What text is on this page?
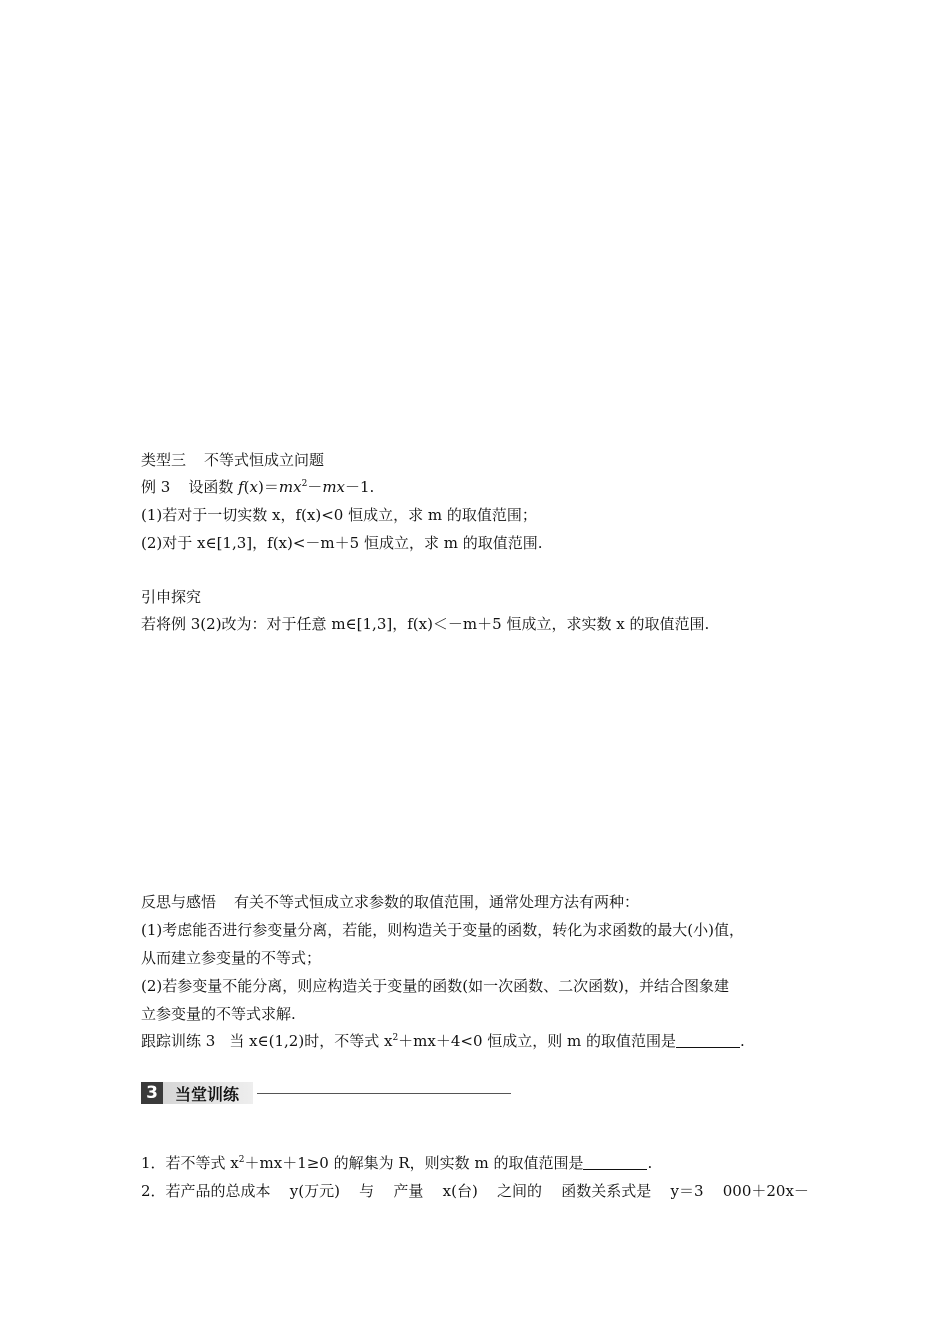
类型三 不等式恒成立问题
例 3 设函数 $f(x)=mx^2-mx-1$.
(1)若对于一切实数 x，f(x)<0 恒成立，求 m 的取值范围；
(2)对于 x∈[1,3]，f(x)<－m＋5 恒成立，求 m 的取值范围.
引申探究
若将例 3(2)改为：对于任意 m∈[1,3]，f(x)＜－m＋5 恒成立，求实数 x 的取值范围.
反思与感悟 有关不等式恒成立求参数的取值范围，通常处理方法有两种：
(1)考虑能否进行参变量分离，若能，则构造关于变量的函数，转化为求函数的最大(小)值，
从而建立参变量的不等式；
(2)若参变量不能分离，则应构造关于变量的函数(如一次函数、二次函数)，并结合图象建
立参变量的不等式求解.
跟踪训练 3 当 x∈(1,2)时，不等式 $x^2+mx+4<0$ 恒成立，则 m 的取值范围是	.
3	当堂训练
1．若不等式 $x^2+mx+1\ge 0$ 的解集为 R，则实数 m 的取值范围是	.
2．若产品的总成本 y(万元) 与 产量 x(台) 之间的 函数关系式是 y＝3 000＋20x－
